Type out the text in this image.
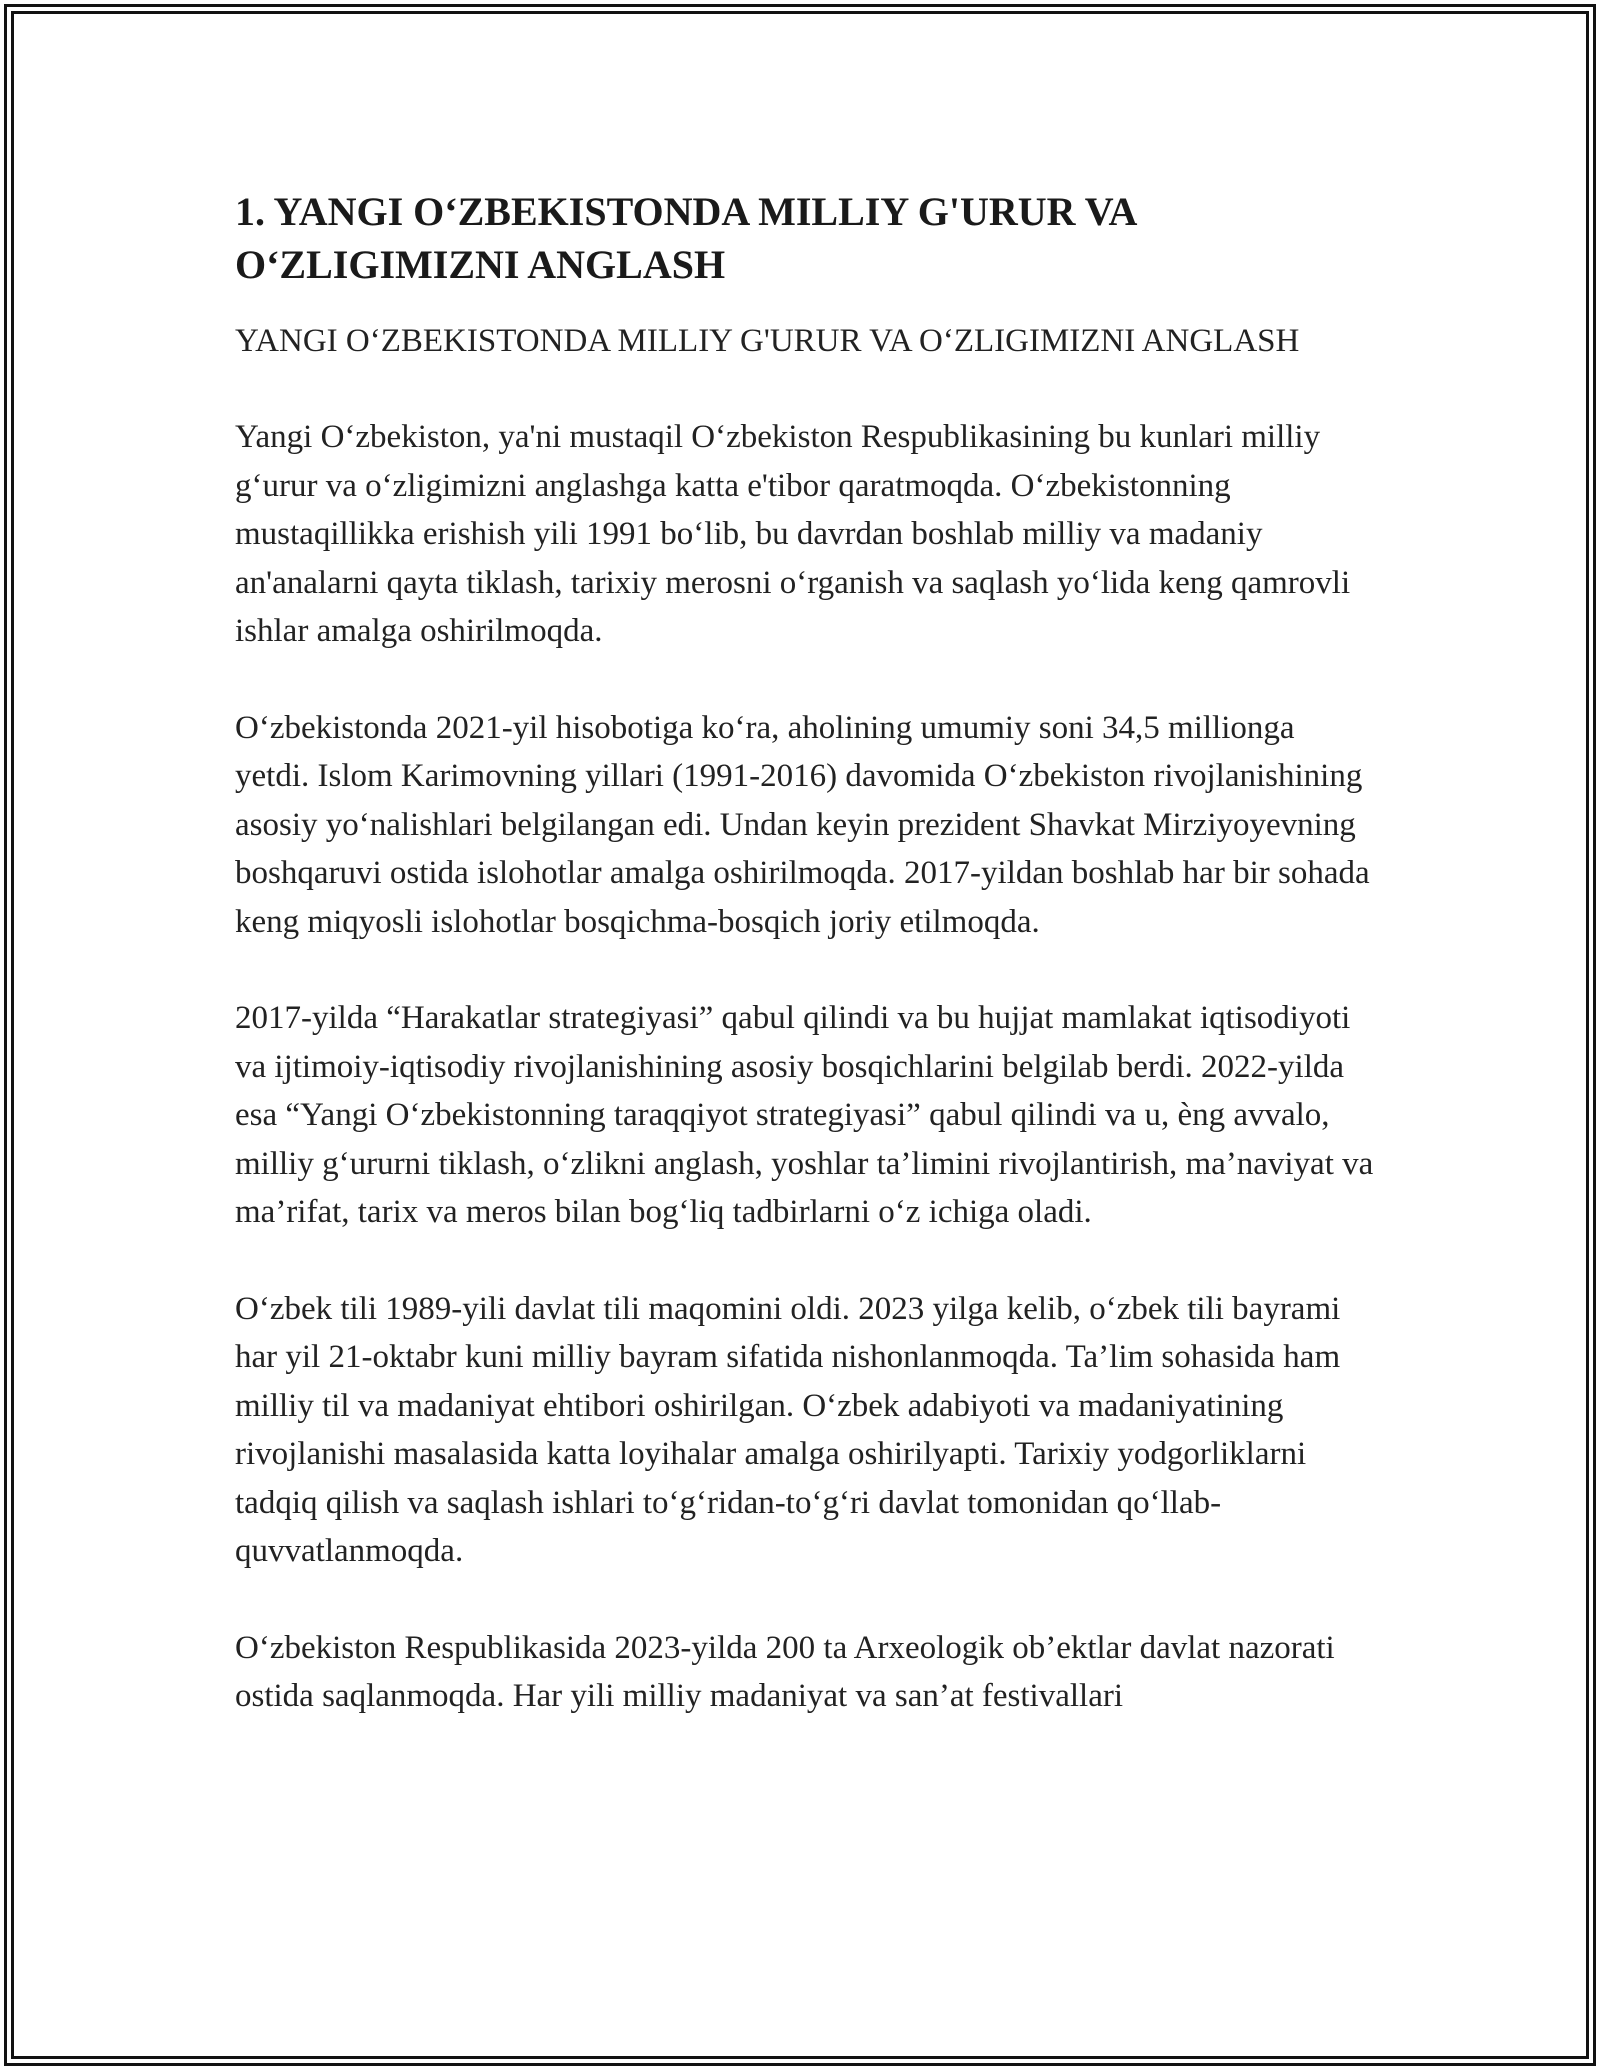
1. YANGI O‘ZBEKISTONDA MILLIY G'URUR VA O‘ZLIGIMIZNI ANGLASH

YANGI O‘ZBEKISTONDA MILLIY G'URUR VA O‘ZLIGIMIZNI ANGLASH

Yangi O‘zbekiston, ya'ni mustaqil O‘zbekiston Respublikasining bu kunlari milliy g‘urur va o‘zligimizni anglashga katta e'tibor qaratmoqda. O‘zbekistonning mustaqillikka erishish yili 1991 bo‘lib, bu davrdan boshlab milliy va madaniy an'analarni qayta tiklash, tarixiy merosni o‘rganish va saqlash yo‘lida keng qamrovli ishlar amalga oshirilmoqda.

O‘zbekistonda 2021-yil hisobotiga ko‘ra, aholining umumiy soni 34,5 millionga yetdi. Islom Karimovning yillari (1991-2016) davomida O‘zbekiston rivojlanishining asosiy yo‘nalishlari belgilangan edi. Undan keyin prezident Shavkat Mirziyoyevning boshqaruvi ostida islohotlar amalga oshirilmoqda. 2017-yildan boshlab har bir sohada keng miqyosli islohotlar bosqichma-bosqich joriy etilmoqda.

2017-yilda “Harakatlar strategiyasi” qabul qilindi va bu hujjat mamlakat iqtisodiyoti va ijtimoiy-iqtisodiy rivojlanishining asosiy bosqichlarini belgilab berdi. 2022-yilda esa “Yangi O‘zbekistonning taraqqiyot strategiyasi” qabul qilindi va u, èng avvalo, milliy g‘ururni tiklash, o‘zlikni anglash, yoshlar ta’limini rivojlantirish, ma’naviyat va ma’rifat, tarix va meros bilan bog‘liq tadbirlarni o‘z ichiga oladi.

O‘zbek tili 1989-yili davlat tili maqomini oldi. 2023 yilga kelib, o‘zbek tili bayrami har yil 21-oktabr kuni milliy bayram sifatida nishonlanmoqda. Ta’lim sohasida ham milliy til va madaniyat ehtibori oshirilgan. O‘zbek adabiyoti va madaniyatining rivojlanishi masalasida katta loyihalar amalga oshirilyapti. Tarixiy yodgorliklarni tadqiq qilish va saqlash ishlari to‘g‘ridan-to‘g‘ri davlat tomonidan qo‘llab-quvvatlanmoqda.

O‘zbekiston Respublikasida 2023-yilda 200 ta Arxeologik ob’ektlar davlat nazorati ostida saqlanmoqda. Har yili milliy madaniyat va san’at festivallari
